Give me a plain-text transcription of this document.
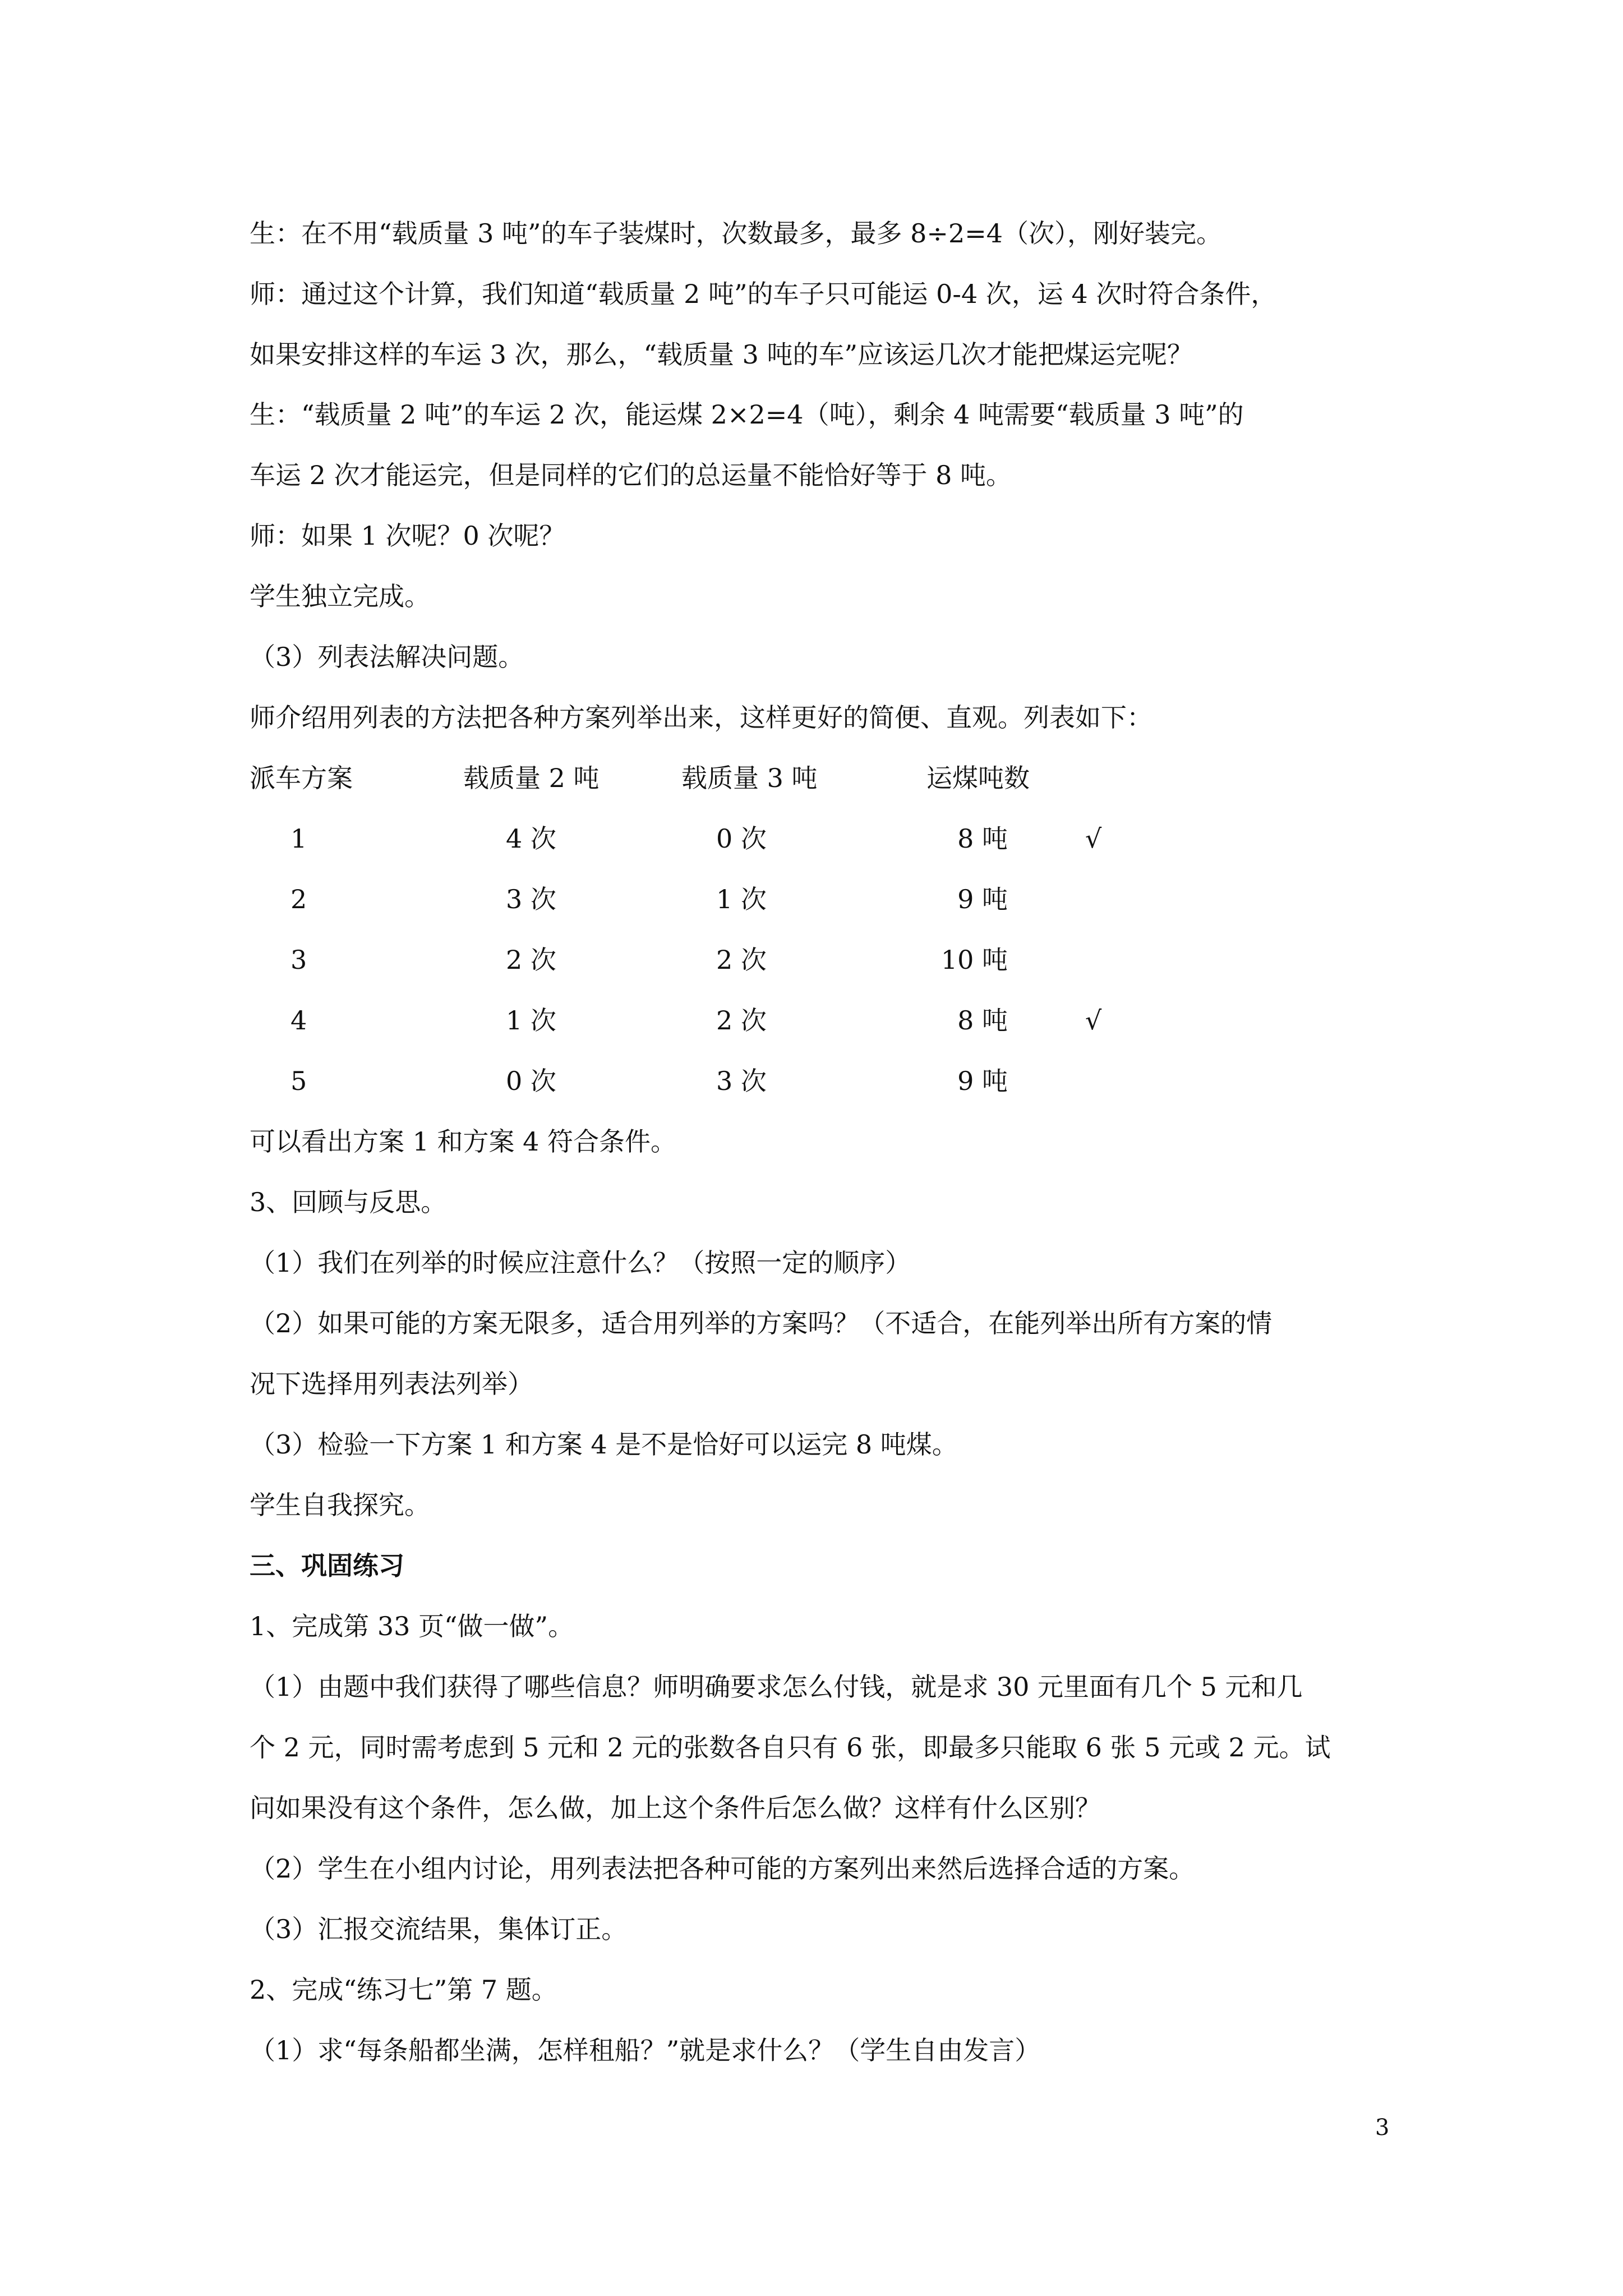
生：在不用“载质量 3 吨”的车子装煤时，次数最多，最多 8÷2=4（次），刚好装完。

师：通过这个计算，我们知道“载质量 2 吨”的车子只可能运 0-4 次，运 4 次时符合条件，

如果安排这样的车运 3 次，那么，“载质量 3 吨的车”应该运几次才能把煤运完呢？

生：“载质量 2 吨”的车运 2 次，能运煤 2×2=4（吨），剩余 4 吨需要“载质量 3 吨”的

车运 2 次才能运完，但是同样的它们的总运量不能恰好等于 8 吨。

师：如果 1 次呢？0 次呢？

学生独立完成。

（3）列表法解决问题。

师介绍用列表的方法把各种方案列举出来，这样更好的简便、直观。列表如下：

派车方案	载质量 2 吨	载质量 3 吨	运煤吨数
1	4 次	0 次	8 吨	√
2	3 次	1 次	9 吨
3	2 次	2 次	10 吨
4	1 次	2 次	8 吨	√
5	0 次	3 次	9 吨

可以看出方案 1 和方案 4 符合条件。

3、回顾与反思。

（1）我们在列举的时候应注意什么？（按照一定的顺序）

（2）如果可能的方案无限多，适合用列举的方案吗？（不适合，在能列举出所有方案的情

况下选择用列表法列举）

（3）检验一下方案 1 和方案 4 是不是恰好可以运完 8 吨煤。

学生自我探究。

三、巩固练习

1、完成第 33 页“做一做”。

（1）由题中我们获得了哪些信息？师明确要求怎么付钱，就是求 30 元里面有几个 5 元和几

个 2 元，同时需考虑到 5 元和 2 元的张数各自只有 6 张，即最多只能取 6 张 5 元或 2 元。试

问如果没有这个条件，怎么做，加上这个条件后怎么做？这样有什么区别？

（2）学生在小组内讨论，用列表法把各种可能的方案列出来然后选择合适的方案。

（3）汇报交流结果，集体订正。

2、完成“练习七”第 7 题。

（1）求“每条船都坐满，怎样租船？”就是求什么？（学生自由发言）

3
